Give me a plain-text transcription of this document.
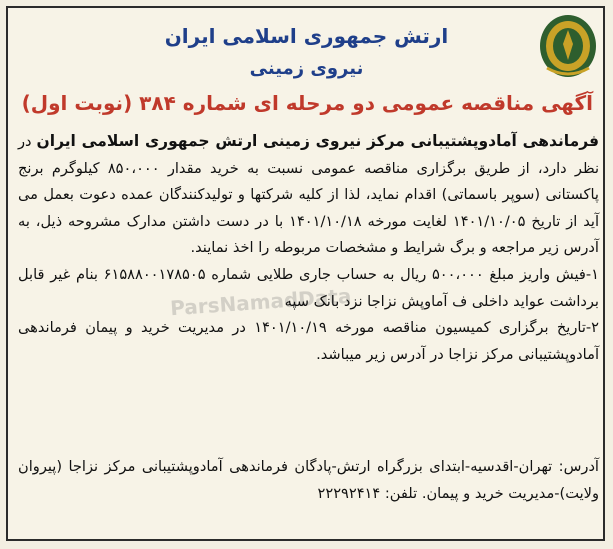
ارتش جمهوری اسلامی ایران
نیروی زمینی
آگهی مناقصه عمومی دو مرحله ای شماره ۳۸۴ (نوبت اول)
ParsNamadData

فرماندهی آمادوپشتیبانی مرکز نیروی زمینی ارتش جمهوری اسلامی ایران در نظر دارد، از طریق برگزاری مناقصه عمومی نسبت به خرید مقدار ۸۵۰،۰۰۰ کیلوگرم برنج پاکستانی (سوپر باسماتی) اقدام نماید، لذا از کلیه شرکتها و تولیدکنندگان عمده دعوت بعمل می آید از تاریخ ۱۴۰۱/۱۰/۰۵ لغایت مورخه ۱۴۰۱/۱۰/۱۸ با در دست داشتن مدارک مشروحه ذیل، به آدرس زیر مراجعه و برگ شرایط و مشخصات مربوطه را اخذ نمایند.

۱-فیش واریز مبلغ ۵۰۰،۰۰۰ ریال به حساب جاری طلایی شماره ۶۱۵۸۸۰۰۱۷۸۵۰۵ بنام غیر قابل برداشت عواید داخلی ف آماوپش نزاجا نزد بانک سپه

۲-تاریخ برگزاری کمیسیون مناقصه مورخه ۱۴۰۱/۱۰/۱۹ در مدیریت خرید و پیمان فرماندهی آمادوپشتیبانی مرکز نزاجا در آدرس زیر میباشد.

آدرس: تهران-اقدسیه-ابتدای بزرگراه ارتش-پادگان فرماندهی آمادوپشتیبانی مرکز نزاجا (پیروان ولایت)-مدیریت خرید و پیمان. تلفن: ۲۲۲۹۲۴۱۴
